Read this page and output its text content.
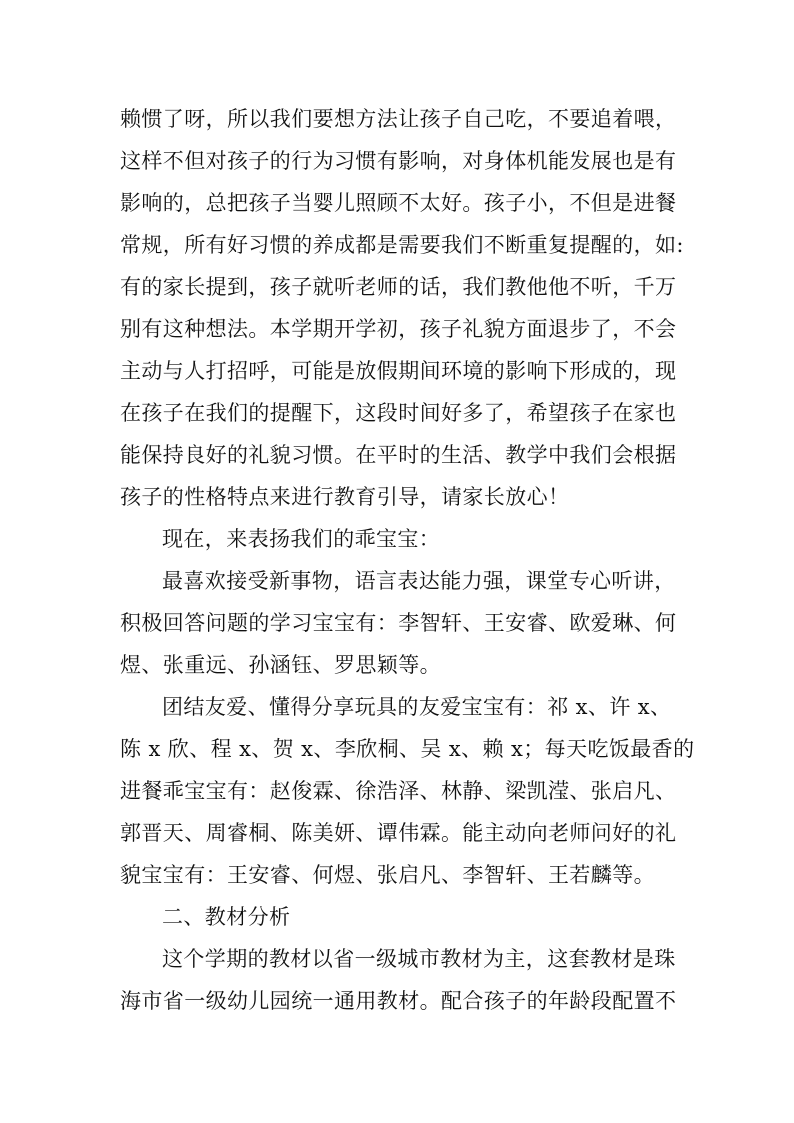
赖惯了呀，所以我们要想方法让孩子自己吃，不要追着喂，
这样不但对孩子的行为习惯有影响，对身体机能发展也是有
影响的，总把孩子当婴儿照顾不太好。孩子小，不但是进餐
常规，所有好习惯的养成都是需要我们不断重复提醒的，如:
有的家长提到，孩子就听老师的话，我们教他他不听，千万
别有这种想法。本学期开学初，孩子礼貌方面退步了，不会
主动与人打招呼，可能是放假期间环境的影响下形成的，现
在孩子在我们的提醒下，这段时间好多了，希望孩子在家也
能保持良好的礼貌习惯。在平时的生活、教学中我们会根据
孩子的性格特点来进行教育引导，请家长放心！
现在，来表扬我们的乖宝宝：
最喜欢接受新事物，语言表达能力强，课堂专心听讲，
积极回答问题的学习宝宝有：李智轩、王安睿、欧爱琳、何
煜、张重远、孙涵钰、罗思颖等。
团结友爱、懂得分享玩具的友爱宝宝有：祁 x、许 x、
陈 x 欣、程 x、贺 x、李欣桐、吴 x、赖 x；每天吃饭最香的
进餐乖宝宝有：赵俊霖、徐浩泽、林静、梁凯滢、张启凡、
郭晋天、周睿桐、陈美妍、谭伟霖。能主动向老师问好的礼
貌宝宝有：王安睿、何煜、张启凡、李智轩、王若麟等。
二、教材分析
这个学期的教材以省一级城市教材为主，这套教材是珠
海市省一级幼儿园统一通用教材。配合孩子的年龄段配置不
